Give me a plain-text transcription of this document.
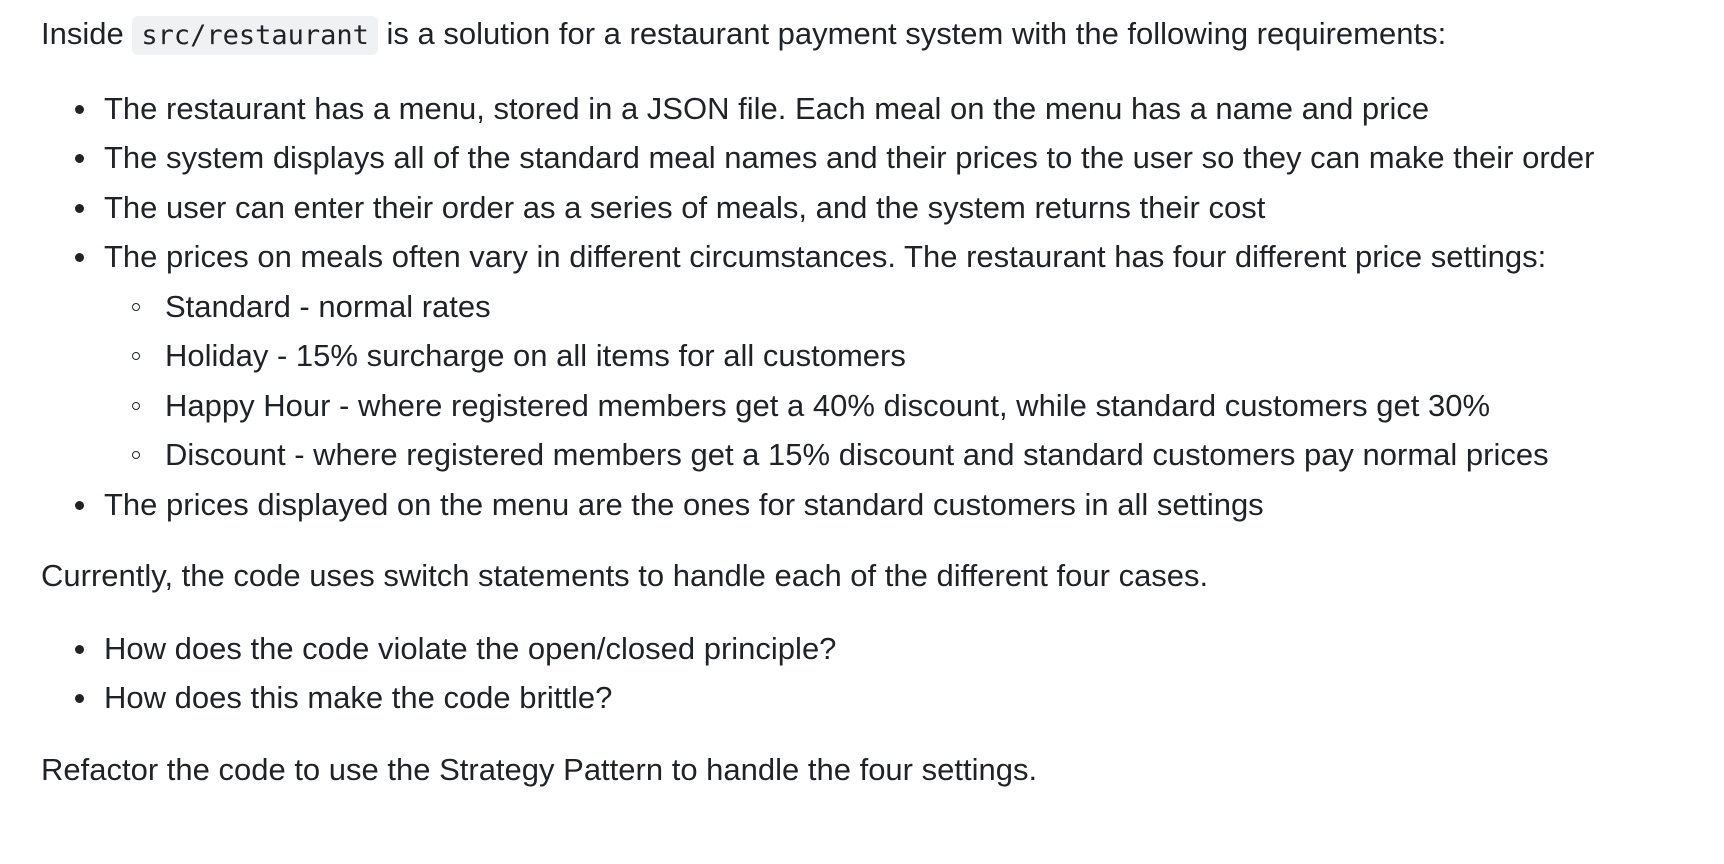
Inside src/restaurant is a solution for a restaurant payment system with the following requirements:

The restaurant has a menu, stored in a JSON file. Each meal on the menu has a name and price
The system displays all of the standard meal names and their prices to the user so they can make their order
The user can enter their order as a series of meals, and the system returns their cost
The prices on meals often vary in different circumstances. The restaurant has four different price settings:
Standard - normal rates
Holiday - 15% surcharge on all items for all customers
Happy Hour - where registered members get a 40% discount, while standard customers get 30%
Discount - where registered members get a 15% discount and standard customers pay normal prices
The prices displayed on the menu are the ones for standard customers in all settings

Currently, the code uses switch statements to handle each of the different four cases.

How does the code violate the open/closed principle?
How does this make the code brittle?

Refactor the code to use the Strategy Pattern to handle the four settings.
